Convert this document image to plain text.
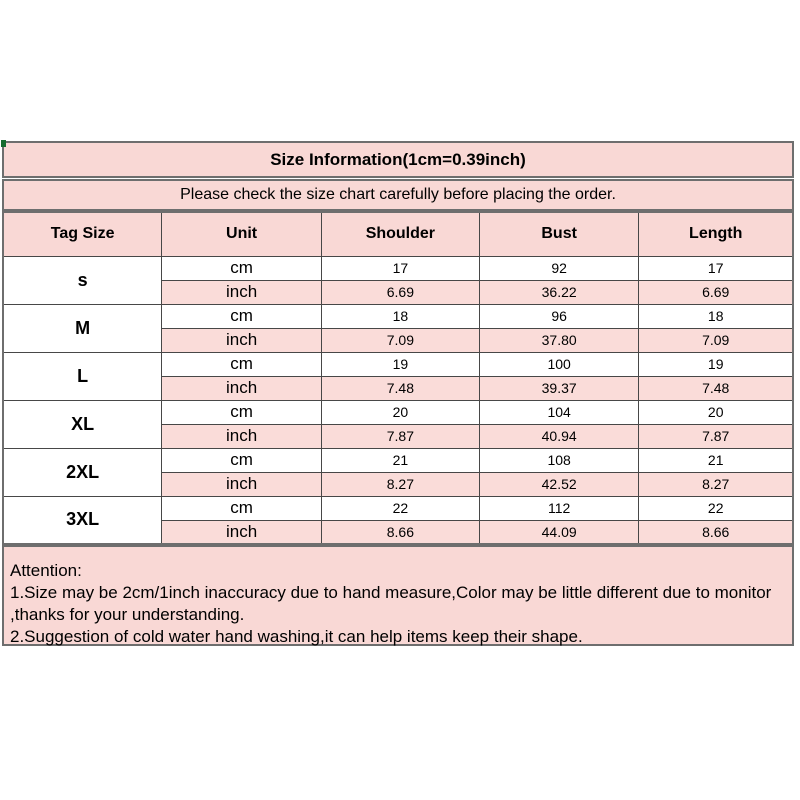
Size Information(1cm=0.39inch)
Please check the size chart carefully before placing the order.
Tag Size	Unit	Shoulder	Bust	Length
s	cm	17	92	17
	inch	6.69	36.22	6.69
M	cm	18	96	18
	inch	7.09	37.80	7.09
L	cm	19	100	19
	inch	7.48	39.37	7.48
XL	cm	20	104	20
	inch	7.87	40.94	7.87
2XL	cm	21	108	21
	inch	8.27	42.52	8.27
3XL	cm	22	112	22
	inch	8.66	44.09	8.66
Attention:
1.Size may be 2cm/1inch inaccuracy due to hand measure,Color may be little different due to monitor
,thanks for your understanding.
2.Suggestion of cold water hand washing,it can help items keep their shape.
